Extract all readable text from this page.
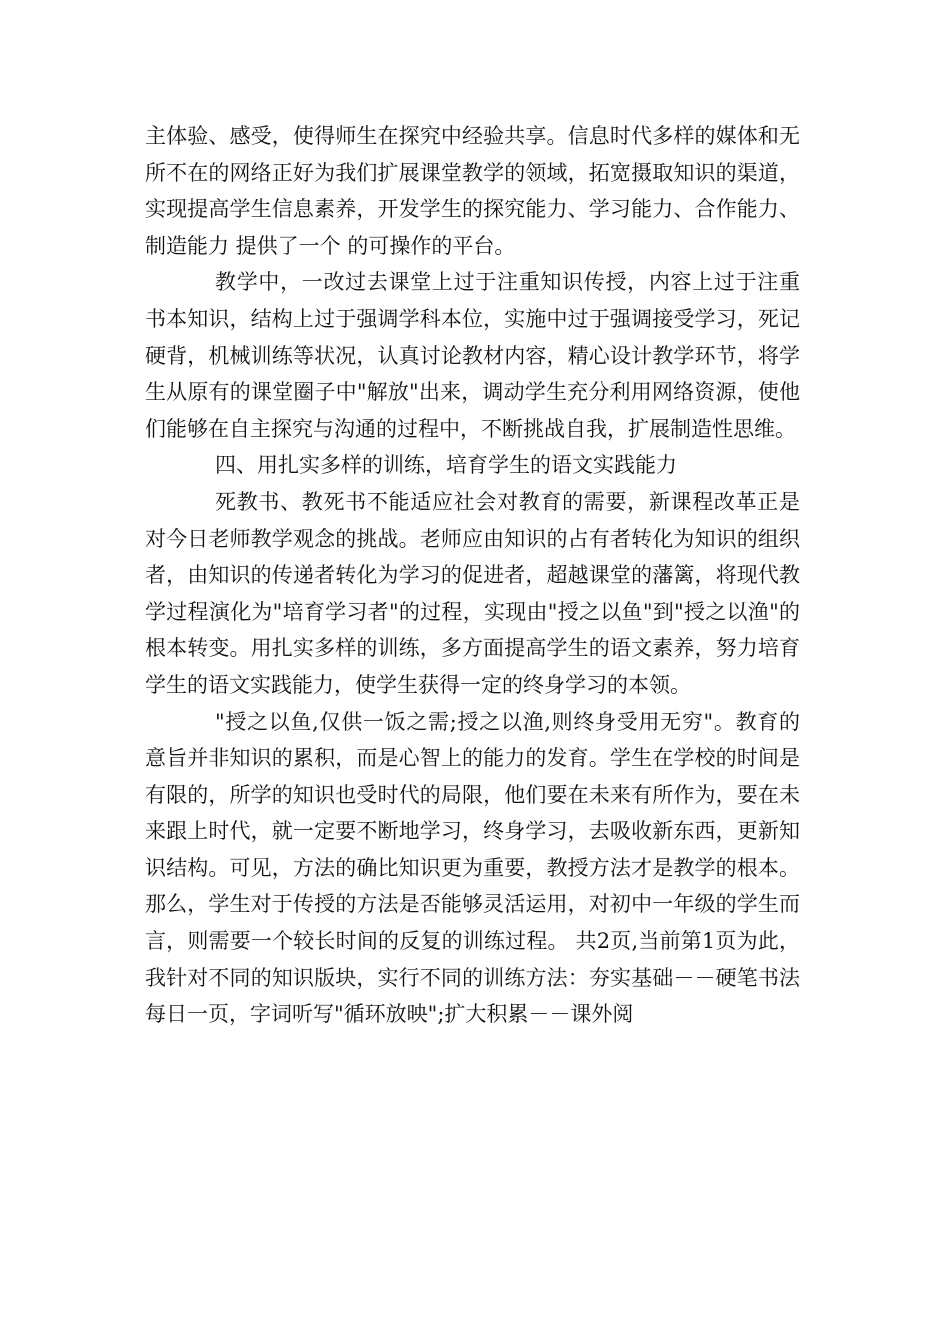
主体验、感受，使得师生在探究中经验共享。信息时代多样的媒体和无所不在的网络正好为我们扩展课堂教学的领域，拓宽摄取知识的渠道，实现提高学生信息素养，开发学生的探究能力、学习能力、合作能力、制造能力 提供了一个 的可操作的平台。

教学中，一改过去课堂上过于注重知识传授，内容上过于注重书本知识，结构上过于强调学科本位，实施中过于强调接受学习，死记硬背，机械训练等状况，认真讨论教材内容，精心设计教学环节，将学生从原有的课堂圈子中"解放"出来，调动学生充分利用网络资源，使他们能够在自主探究与沟通的过程中，不断挑战自我，扩展制造性思维。

四、用扎实多样的训练，培育学生的语文实践能力

死教书、教死书不能适应社会对教育的需要，新课程改革正是对今日老师教学观念的挑战。老师应由知识的占有者转化为知识的组织者，由知识的传递者转化为学习的促进者，超越课堂的藩篱，将现代教学过程演化为"培育学习者"的过程，实现由"授之以鱼"到"授之以渔"的根本转变。用扎实多样的训练，多方面提高学生的语文素养，努力培育学生的语文实践能力，使学生获得一定的终身学习的本领。

"授之以鱼,仅供一饭之需;授之以渔,则终身受用无穷"。教育的意旨并非知识的累积，而是心智上的能力的发育。学生在学校的时间是有限的，所学的知识也受时代的局限，他们要在未来有所作为，要在未来跟上时代，就一定要不断地学习，终身学习，去吸收新东西，更新知识结构。可见，方法的确比知识更为重要，教授方法才是教学的根本。那么，学生对于传授的方法是否能够灵活运用，对初中一年级的学生而言，则需要一个较长时间的反复的训练过程。 共2页,当前第1页为此，我针对不同的知识版块，实行不同的训练方法：夯实基础－－硬笔书法每日一页，字词听写"循环放映";扩大积累－－课外阅
